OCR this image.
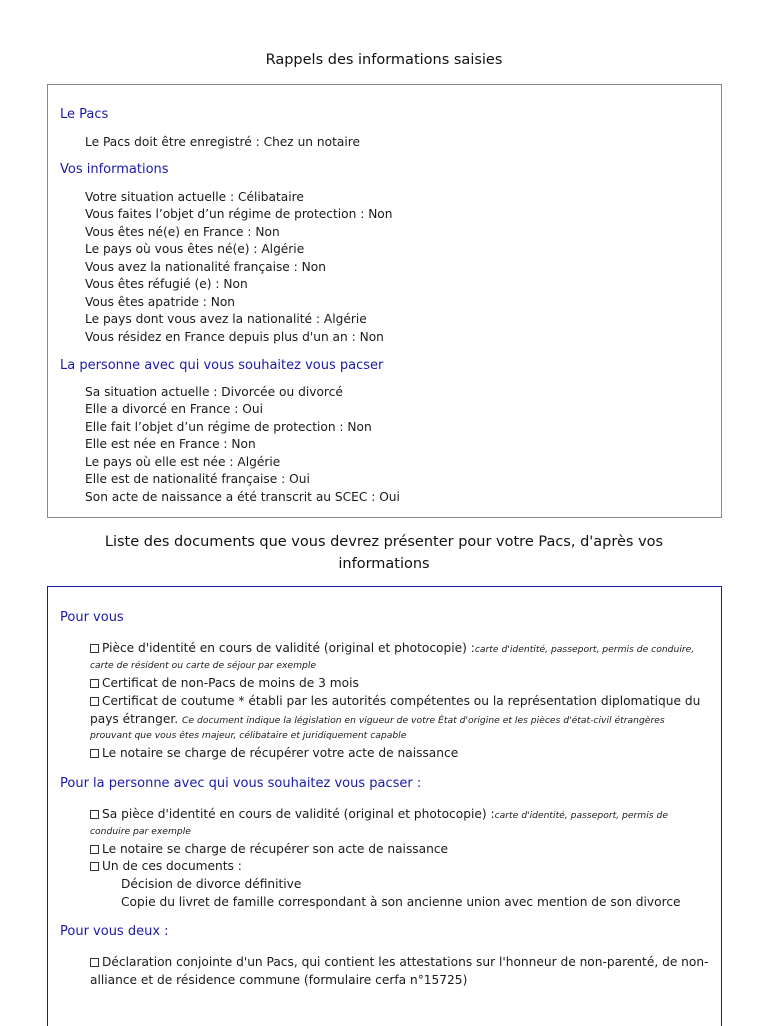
Rappels des informations saisies
Le Pacs
Le Pacs doit être enregistré : Chez un notaire
Vos informations
Votre situation actuelle : Célibataire
Vous faites l’objet d’un régime de protection : Non
Vous êtes né(e) en France : Non
Le pays où vous êtes né(e) : Algérie
Vous avez la nationalité française : Non
Vous êtes réfugié (e) : Non
Vous êtes apatride : Non
Le pays dont vous avez la nationalité : Algérie
Vous résidez en France depuis plus d'un an : Non
La personne avec qui vous souhaitez vous pacser
Sa situation actuelle : Divorcée ou divorcé
Elle a divorcé en France : Oui
Elle fait l’objet d’un régime de protection : Non
Elle est née en France : Non
Le pays où elle est née : Algérie
Elle est de nationalité française : Oui
Son acte de naissance a été transcrit au SCEC : Oui
Liste des documents que vous devrez présenter pour votre Pacs, d'après vos informations
Pour vous
Pièce d'identité en cours de validité (original et photocopie) :carte d'identité, passeport, permis de conduire,
carte de résident ou carte de séjour par exemple
Certificat de non-Pacs de moins de 3 mois
Certificat de coutume * établi par les autorités compétentes ou la représentation diplomatique du
pays étranger. Ce document indique la législation en vigueur de votre État d'origine et les pièces d'état-civil étrangères
prouvant que vous êtes majeur, célibataire et juridiquement capable
Le notaire se charge de récupérer votre acte de naissance
Pour la personne avec qui vous souhaitez vous pacser :
Sa pièce d'identité en cours de validité (original et photocopie) :carte d'identité, passeport, permis de
conduire par exemple
Le notaire se charge de récupérer son acte de naissance
Un de ces documents :
Décision de divorce définitive
Copie du livret de famille correspondant à son ancienne union avec mention de son divorce
Pour vous deux :
Déclaration conjointe d'un Pacs, qui contient les attestations sur l'honneur de non-parenté, de non-
alliance et de résidence commune (formulaire cerfa n°15725)
